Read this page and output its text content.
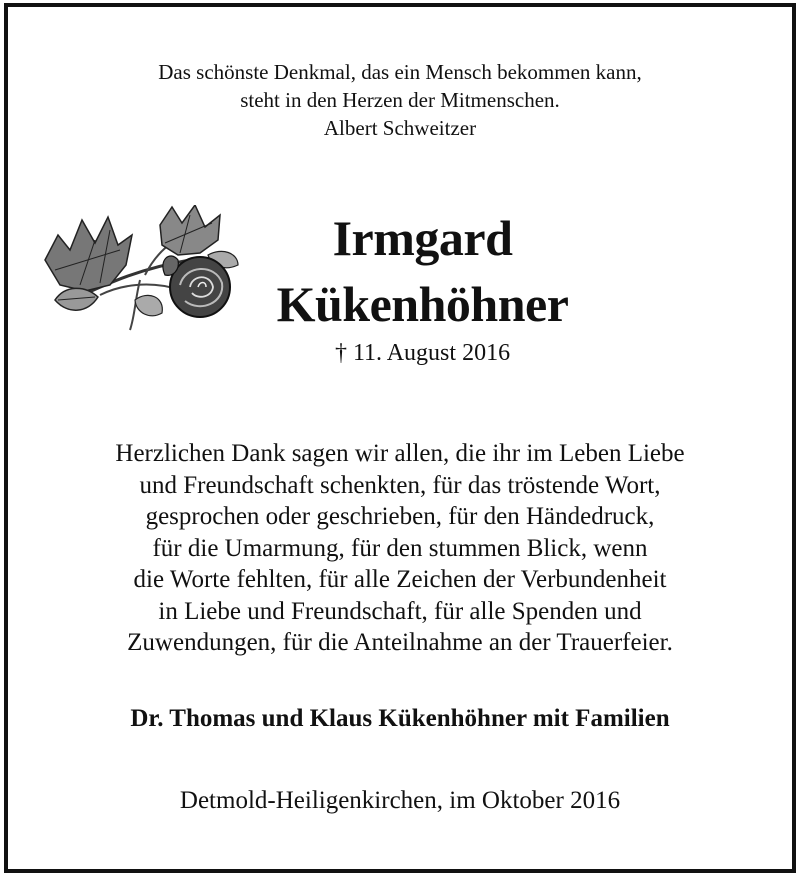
Das schönste Denkmal, das ein Mensch bekommen kann,
steht in den Herzen der Mitmenschen.
Albert Schweitzer
Irmgard
Kükenhöhner
† 11. August 2016
Herzlichen Dank sagen wir allen, die ihr im Leben Liebe
und Freundschaft schenkten, für das tröstende Wort,
gesprochen oder geschrieben, für den Händedruck,
für die Umarmung, für den stummen Blick, wenn
die Worte fehlten, für alle Zeichen der Verbundenheit
in Liebe und Freundschaft, für alle Spenden und
Zuwendungen, für die Anteilnahme an der Trauerfeier.
Dr. Thomas und Klaus Kükenhöhner mit Familien
Detmold-Heiligenkirchen, im Oktober 2016
